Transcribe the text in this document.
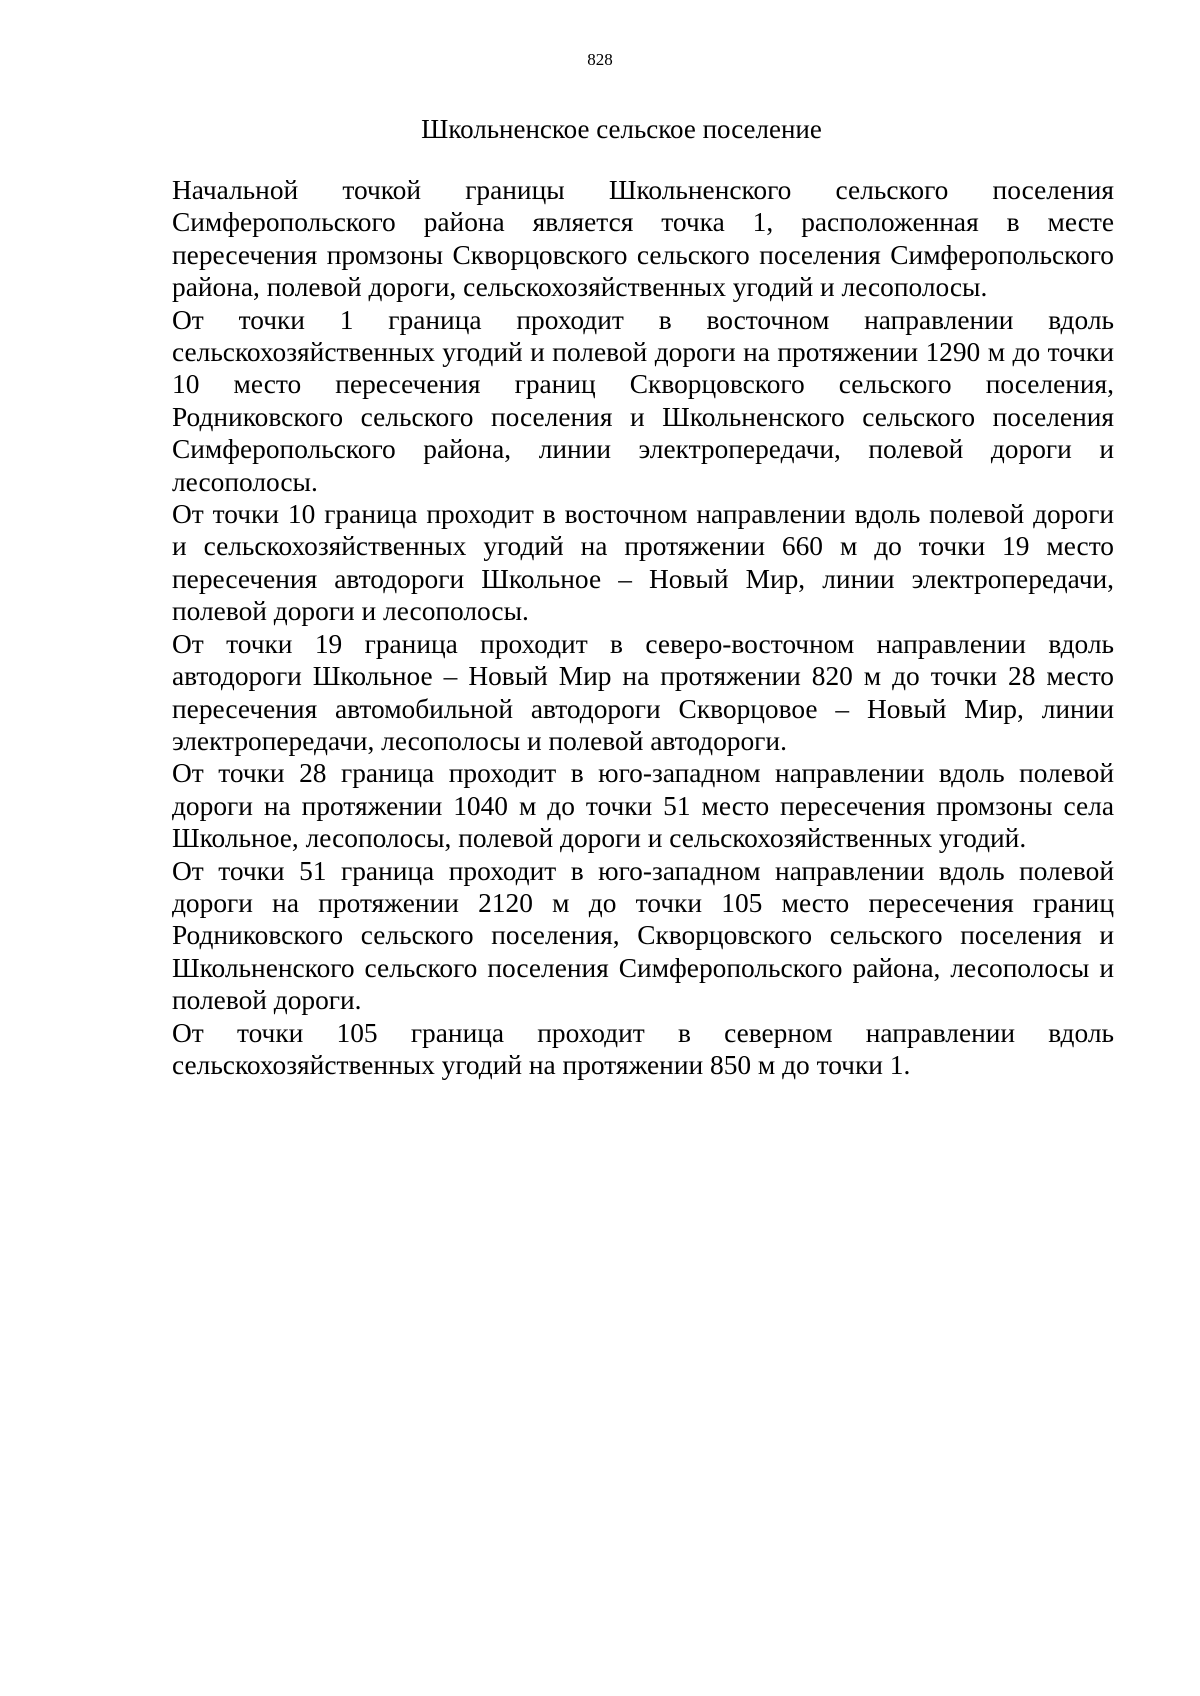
828
Школьненское сельское поселение

Начальной точкой границы Школьненского сельского поселения Симферопольского района является точка 1, расположенная в месте пересечения промзоны Скворцовского сельского поселения Симферопольского района, полевой дороги, сельскохозяйственных угодий и лесополосы.

От точки 1 граница проходит в восточном направлении вдоль сельскохозяйственных угодий и полевой дороги на протяжении 1290 м до точки 10 место пересечения границ Скворцовского сельского поселения, Родниковского сельского поселения и Школьненского сельского поселения Симферопольского района, линии электропередачи, полевой дороги и лесополосы.

От точки 10 граница проходит в восточном направлении вдоль полевой дороги и сельскохозяйственных угодий на протяжении 660 м до точки 19 место пересечения автодороги Школьное – Новый Мир, линии электропередачи, полевой дороги и лесополосы.

От точки 19 граница проходит в северо-восточном направлении вдоль автодороги Школьное – Новый Мир на протяжении 820 м до точки 28 место пересечения автомобильной автодороги Скворцовое – Новый Мир, линии электропередачи, лесополосы и полевой автодороги.

От точки 28 граница проходит в юго-западном направлении вдоль полевой дороги на протяжении 1040 м до точки 51 место пересечения промзоны села Школьное, лесополосы, полевой дороги и сельскохозяйственных угодий.

От точки 51 граница проходит в юго-западном направлении вдоль полевой дороги на протяжении 2120 м до точки 105 место пересечения границ Родниковского сельского поселения, Скворцовского сельского поселения и Школьненского сельского поселения Симферопольского района, лесополосы и полевой дороги.

От точки 105 граница проходит в северном направлении вдоль сельскохозяйственных угодий на протяжении 850 м до точки 1.
